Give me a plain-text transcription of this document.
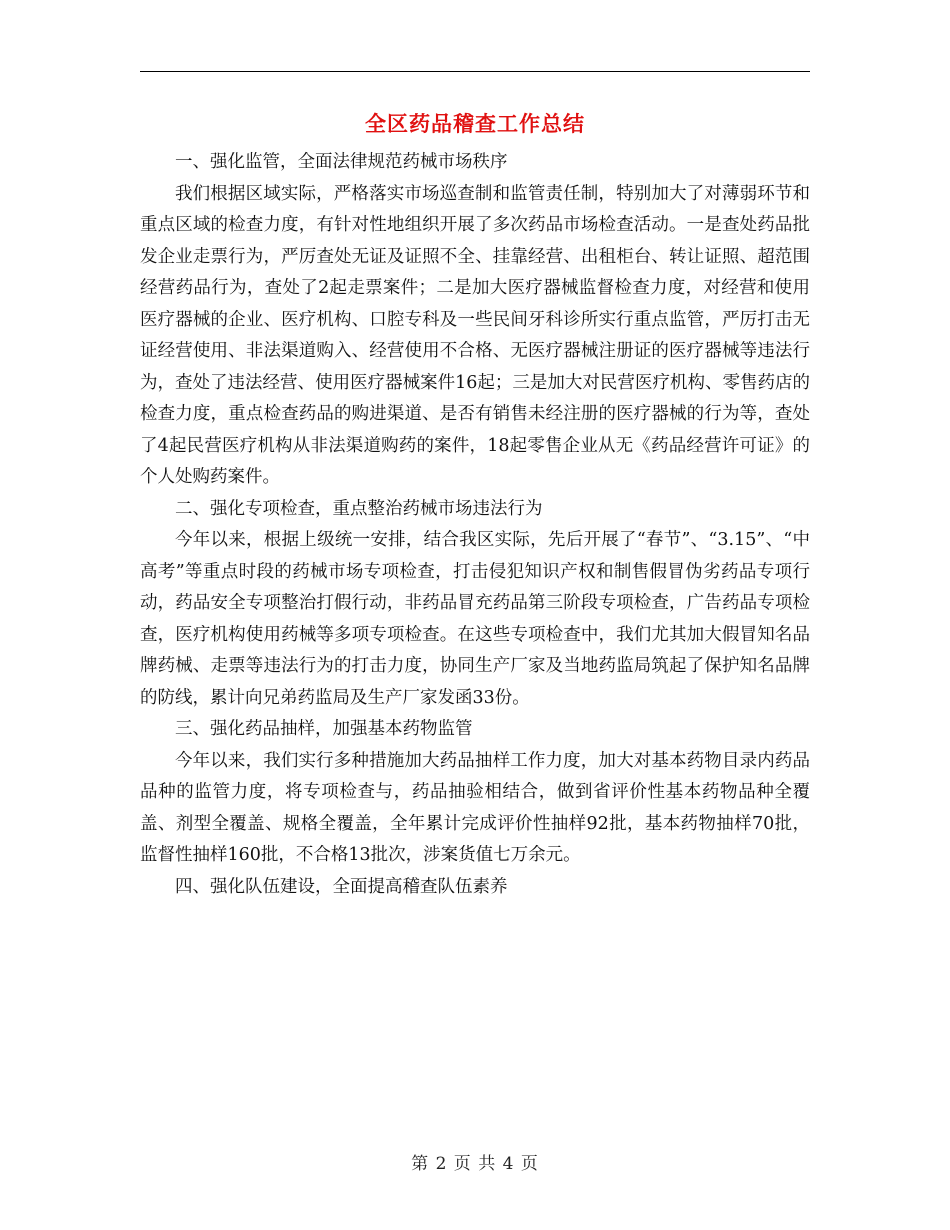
全区药品稽查工作总结

一、强化监管，全面法律规范药械市场秩序

我们根据区域实际，严格落实市场巡查制和监管责任制，特别加大了对薄弱环节和重点区域的检查力度，有针对性地组织开展了多次药品市场检查活动。一是查处药品批发企业走票行为，严厉查处无证及证照不全、挂靠经营、出租柜台、转让证照、超范围经营药品行为，查处了2起走票案件；二是加大医疗器械监督检查力度，对经营和使用医疗器械的企业、医疗机构、口腔专科及一些民间牙科诊所实行重点监管，严厉打击无证经营使用、非法渠道购入、经营使用不合格、无医疗器械注册证的医疗器械等违法行为，查处了违法经营、使用医疗器械案件16起；三是加大对民营医疗机构、零售药店的检查力度，重点检查药品的购进渠道、是否有销售未经注册的医疗器械的行为等，查处了4起民营医疗机构从非法渠道购药的案件，18起零售企业从无《药品经营许可证》的个人处购药案件。

二、强化专项检查，重点整治药械市场违法行为

今年以来，根据上级统一安排，结合我区实际，先后开展了“春节”、“3.15”、“中高考”等重点时段的药械市场专项检查，打击侵犯知识产权和制售假冒伪劣药品专项行动，药品安全专项整治打假行动，非药品冒充药品第三阶段专项检查，广告药品专项检查，医疗机构使用药械等多项专项检查。在这些专项检查中，我们尤其加大假冒知名品牌药械、走票等违法行为的打击力度，协同生产厂家及当地药监局筑起了保护知名品牌的防线，累计向兄弟药监局及生产厂家发函33份。

三、强化药品抽样，加强基本药物监管

今年以来，我们实行多种措施加大药品抽样工作力度，加大对基本药物目录内药品品种的监管力度，将专项检查与，药品抽验相结合，做到省评价性基本药物品种全覆盖、剂型全覆盖、规格全覆盖，全年累计完成评价性抽样92批，基本药物抽样70批，监督性抽样160批，不合格13批次，涉案货值七万余元。

四、强化队伍建设，全面提高稽查队伍素养

第 2 页 共 4 页
